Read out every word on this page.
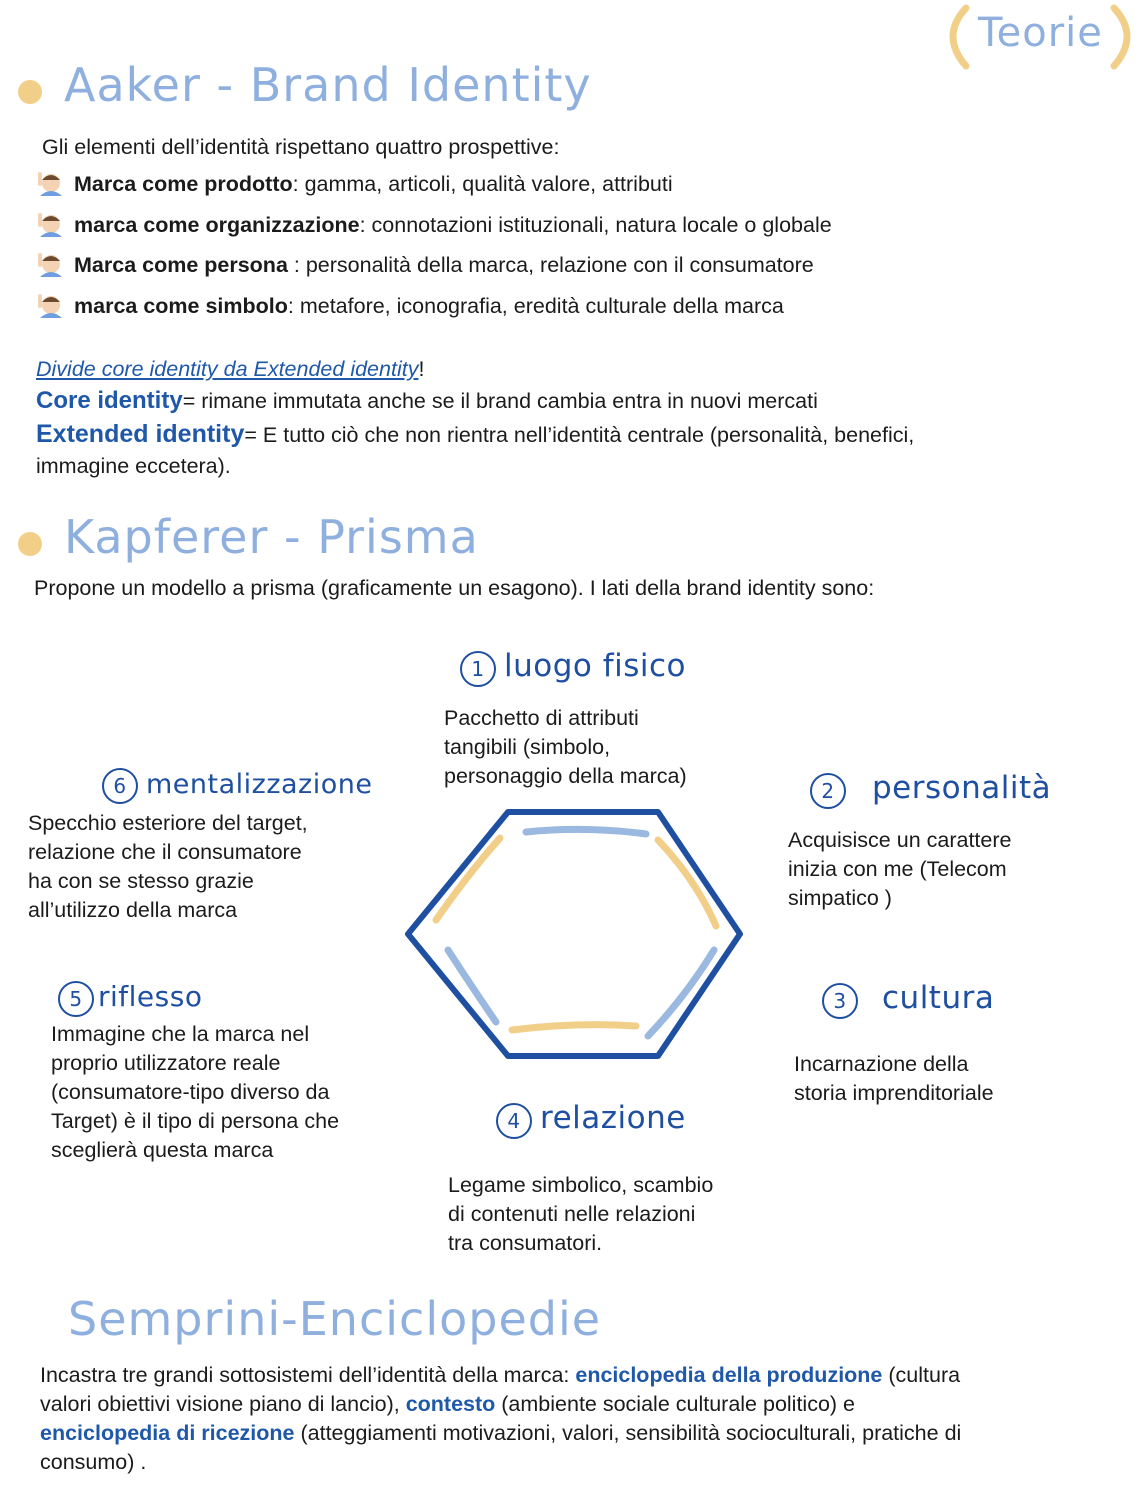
Teorie
Aaker - Brand Identity
Gli elementi dell’identità rispettano quattro prospettive:
Marca come prodotto: gamma, articoli, qualità valore, attributi
marca come organizzazione: connotazioni istituzionali, natura locale o globale
Marca come persona : personalità della marca, relazione con il consumatore
marca come simbolo: metafore, iconografia, eredità culturale della marca
Divide core identity da Extended identity!
Core identity= rimane immutata anche se il brand cambia entra in nuovi mercati
Extended identity= E tutto ciò che non rientra nell’identità centrale (personalità, benefici,
immagine eccetera).
Kapferer - Prisma
Propone un modello a prisma (graficamente un esagono). I lati della brand identity sono:
1 luogo fisico
Pacchetto di attributi
tangibili (simbolo,
personaggio della marca)
6 mentalizzazione
Specchio esteriore del target,
relazione che il consumatore
ha con se stesso grazie
all’utilizzo della marca
2 personalità
Acquisisce un carattere
inizia con me (Telecom
simpatico )
5 riflesso
Immagine che la marca nel
proprio utilizzatore reale
(consumatore-tipo diverso da
Target) è il tipo di persona che
sceglierà questa marca
3 cultura
Incarnazione della
storia imprenditoriale
4 relazione
Legame simbolico, scambio
di contenuti nelle relazioni
tra consumatori.
Semprini-Enciclopedie
Incastra tre grandi sottosistemi dell’identità della marca: enciclopedia della produzione (cultura
valori obiettivi visione piano di lancio), contesto (ambiente sociale culturale politico) e
enciclopedia di ricezione (atteggiamenti motivazioni, valori, sensibilità socioculturali, pratiche di
consumo) .
